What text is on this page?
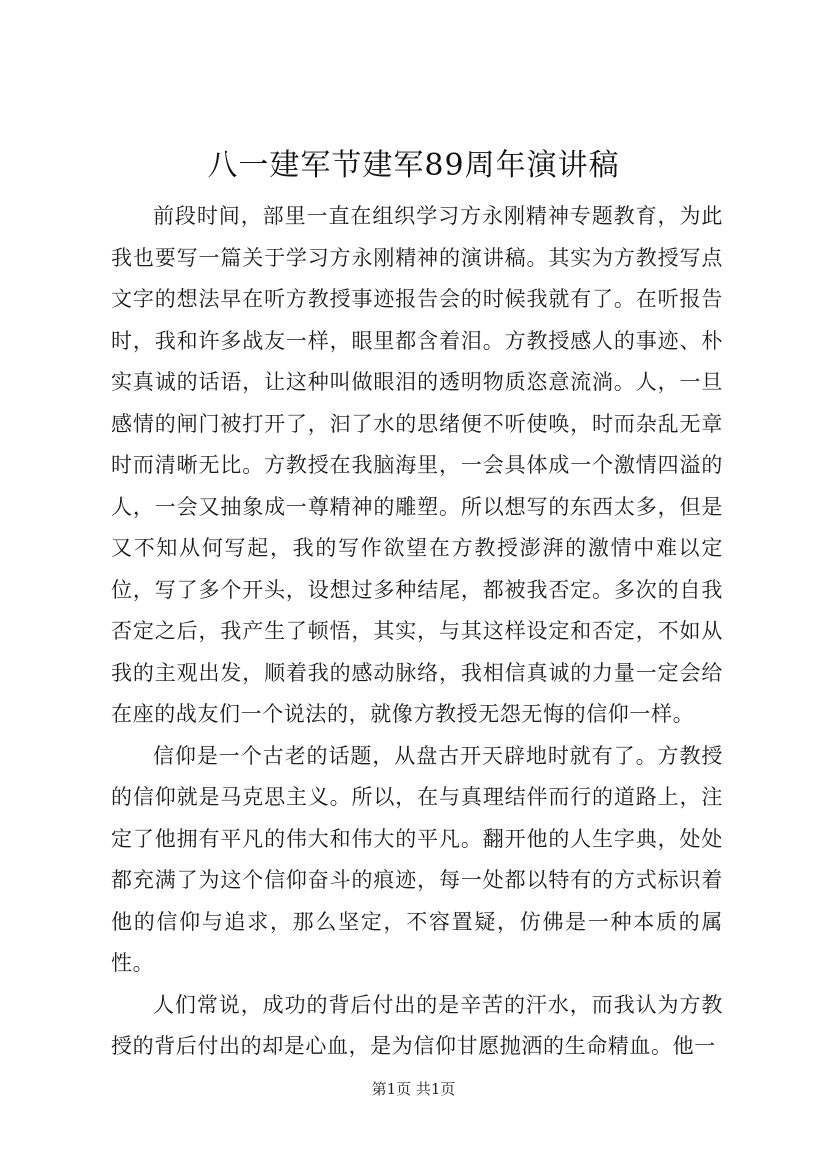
八一建军节建军89周年演讲稿

前段时间，部里一直在组织学习方永刚精神专题教育，为此我也要写一篇关于学习方永刚精神的演讲稿。其实为方教授写点文字的想法早在听方教授事迹报告会的时候我就有了。在听报告时，我和许多战友一样，眼里都含着泪。方教授感人的事迹、朴实真诚的话语，让这种叫做眼泪的透明物质恣意流淌。人，一旦感情的闸门被打开了，汩了水的思绪便不听使唤，时而杂乱无章时而清晰无比。方教授在我脑海里，一会具体成一个激情四溢的人，一会又抽象成一尊精神的雕塑。所以想写的东西太多，但是又不知从何写起，我的写作欲望在方教授澎湃的激情中难以定位，写了多个开头，设想过多种结尾，都被我否定。多次的自我否定之后，我产生了顿悟，其实，与其这样设定和否定，不如从我的主观出发，顺着我的感动脉络，我相信真诚的力量一定会给在座的战友们一个说法的，就像方教授无怨无悔的信仰一样。

信仰是一个古老的话题，从盘古开天辟地时就有了。方教授的信仰就是马克思主义。所以，在与真理结伴而行的道路上，注定了他拥有平凡的伟大和伟大的平凡。翻开他的人生字典，处处都充满了为这个信仰奋斗的痕迹，每一处都以特有的方式标识着他的信仰与追求，那么坚定，不容置疑，仿佛是一种本质的属性。

人们常说，成功的背后付出的是辛苦的汗水，而我认为方教授的背后付出的却是心血，是为信仰甘愿抛洒的生命精血。他一

第1页 共1页
